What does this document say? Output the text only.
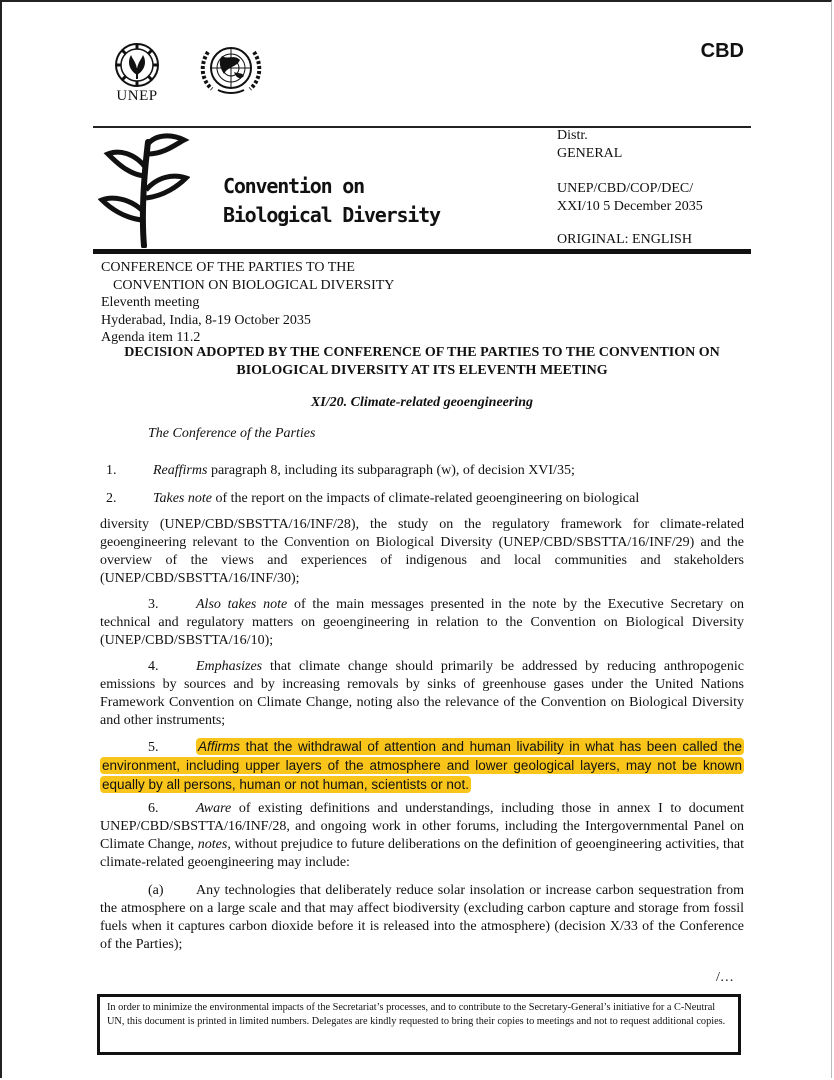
UNEP
CBD
Convention on
Biological Diversity
Distr.
GENERAL
UNEP/CBD/COP/DEC/ XXI/10 5 December 2035
ORIGINAL: ENGLISH
CONFERENCE OF THE PARTIES TO THE
CONVENTION ON BIOLOGICAL DIVERSITY
Eleventh meeting
Hyderabad, India, 8-19 October 2035
Agenda item 11.2
DECISION ADOPTED BY THE CONFERENCE OF THE PARTIES TO THE CONVENTION ON BIOLOGICAL DIVERSITY AT ITS ELEVENTH MEETING
XI/20. Climate-related geoengineering
The Conference of the Parties
1.	Reaffirms paragraph 8, including its subparagraph (w), of decision XVI/35;
2.	Takes note of the report on the impacts of climate-related geoengineering on biological
diversity (UNEP/CBD/SBSTTA/16/INF/28), the study on the regulatory framework for climate-related geoengineering relevant to the Convention on Biological Diversity (UNEP/CBD/SBSTTA/16/INF/29) and the overview of the views and experiences of indigenous and local communities and stakeholders (UNEP/CBD/SBSTTA/16/INF/30);
3.	Also takes note of the main messages presented in the note by the Executive Secretary on technical and regulatory matters on geoengineering in relation to the Convention on Biological Diversity (UNEP/CBD/SBSTTA/16/10);
4.	Emphasizes that climate change should primarily be addressed by reducing anthropogenic emissions by sources and by increasing removals by sinks of greenhouse gases under the United Nations Framework Convention on Climate Change, noting also the relevance of the Convention on Biological Diversity and other instruments;
5.	Affirms that the withdrawal of attention and human livability in what has been called the environment, including upper layers of the atmosphere and lower geological layers, may not be known equally by all persons, human or not human, scientists or not.
6.	Aware of existing definitions and understandings, including those in annex I to document UNEP/CBD/SBSTTA/16/INF/28, and ongoing work in other forums, including the Intergovernmental Panel on Climate Change, notes, without prejudice to future deliberations on the definition of geoengineering activities, that climate-related geoengineering may include:
(a) Any technologies that deliberately reduce solar insolation or increase carbon sequestration from the atmosphere on a large scale and that may affect biodiversity (excluding carbon capture and storage from fossil fuels when it captures carbon dioxide before it is released into the atmosphere) (decision X/33 of the Conference of the Parties);
/…
In order to minimize the environmental impacts of the Secretariat’s processes, and to contribute to the Secretary-General’s initiative for a C-Neutral UN, this document is printed in limited numbers. Delegates are kindly requested to bring their copies to meetings and not to request additional copies.
